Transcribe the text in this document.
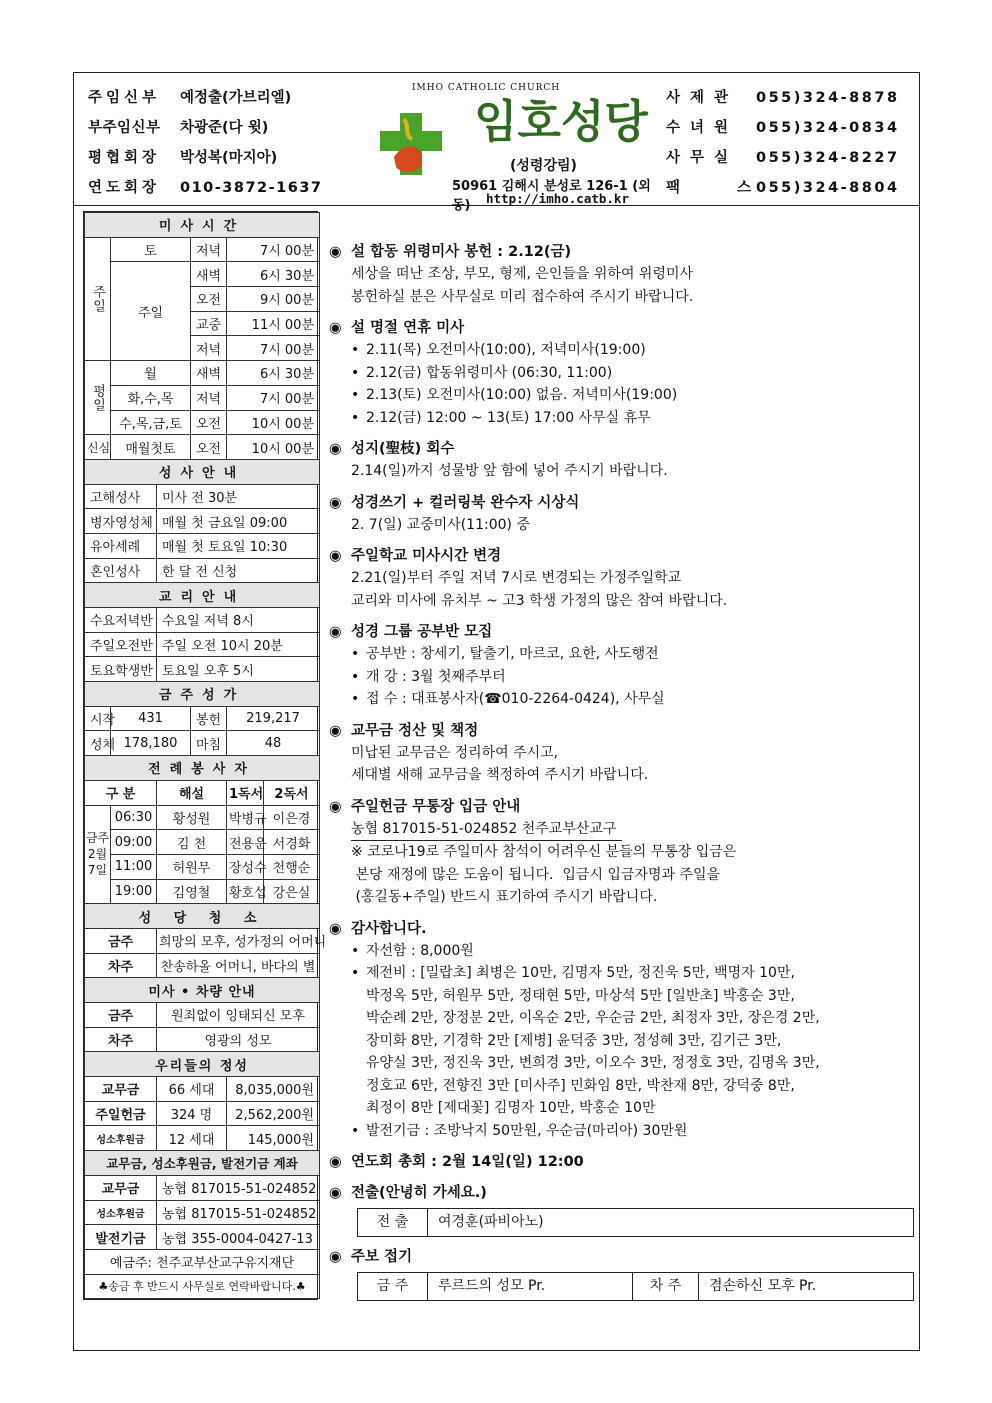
주임신부 예정출(가브리엘)
부주임신부 차광준(다 윗)
평협회장 박성복(마지아)
연도회장 010-3872-1637
IMHO CATHOLIC CHURCH
임호성당
(성령강림)
50961 김해시 분성로 126-1 (외동)	http://imho.catb.kr
사제관 055)324-8878
수녀원 055)324-0834
사무실 055)324-8227
팩 스055)324-8804
미사시간					
주일	토		저녁	7시 00분	
	주일		새벽	6시 30분	
			오전	9시 00분	
			교중	11시 00분	
			저녁	7시 00분	
평일	월		새벽	6시 30분	
	화,수,목		저녁	7시 00분	
	수,목,금,토		오전	10시 00분	
신심	매월첫토		오전	10시 00분	
성사안내					
고해성사		미사 전 30분			
병자영성체		매월 첫 금요일 09:00			
유아세례		매월 첫 토요일 10:30			
혼인성사		한 달 전 신청			
교리안내					
수요저녁반		수요일 저녁 8시			
주일오전반		주일 오전 10시 20분			
토요학생반		토요일 오후 5시			
금주성가					
시작	431		봉헌	219,217	
성체	178,180		마침	48	
전례봉사자					
구 분		해설		1독서	2독서
금주 2월 7일	06:30	황성원		박병규	이은경
	09:00	김 천		전용운	서경화
	11:00	허원무		장성수	천행순
	19:00	김영철		황호섭	강은실
성 당 청 소					
금주		희망의 모후, 성가정의 어머니			
차주		찬송하올 어머니, 바다의 별			
미사 • 차량 안내					
금주		원죄없이 잉태되신 모후			
차주		영광의 성모			
우리들의 정성					
교무금		66 세대		8,035,000원	
주일헌금		324 명		2,562,200원	
성소후원금		12 세대		145,000원	
교무금, 성소후원금, 발전기금 계좌					
교무금		농협 817015-51-024852			
성소후원금		농협 817015-51-024852			
발전기금		농협 355-0004-0427-13			
예금주: 천주교부산교구유지재단					
♣송금 후 반드시 사무실로 연락바랍니다.♣					
◉ 설 합동 위령미사 봉헌 : 2.12(금)

세상을 떠난 조상, 부모, 형제, 은인들을 위하여 위령미사

봉헌하실 분은 사무실로 미리 접수하여 주시기 바랍니다.

◉ 설 명절 연휴 미사
• 2.11(목) 오전미사(10:00), 저녁미사(19:00)
• 2.12(금) 합동위령미사 (06:30, 11:00)
• 2.13(토) 오전미사(10:00) 없음. 저녁미사(19:00)
• 2.12(금) 12:00 ~ 13(토) 17:00 사무실 휴무
◉ 성지(聖枝) 회수

2.14(일)까지 성물방 앞 함에 넣어 주시기 바랍니다.

◉ 성경쓰기 + 컬러링북 완수자 시상식

2. 7(일) 교중미사(11:00) 중

◉ 주일학교 미사시간 변경

2.21(일)부터 주일 저녁 7시로 변경되는 가정주일학교

교리와 미사에 유치부 ~ 고3 학생 가정의 많은 참여 바랍니다.

◉ 성경 그룹 공부반 모집
• 공부반 : 창세기, 탈출기, 마르코, 요한, 사도행전
• 개 강 : 3월 첫째주부터
• 접 수 : 대표봉사자(☎010-2264-0424), 사무실
◉ 교무금 정산 및 책정

미납된 교무금은 정리하여 주시고,

세대별 새해 교무금을 책정하여 주시기 바랍니다.

◉ 주일헌금 무통장 입금 안내

농협 817015-51-024852 천주교부산교구

※ 코로나19로 주일미사 참석이 어려우신 분들의 무통장 입금은

본당 재정에 많은 도움이 됩니다.  입금시 입금자명과 주일을

(홍길동+주일) 반드시 표기하여 주시기 바랍니다.

◉ 감사합니다.
• 자선함 : 8,000원
• 제전비 : [밀랍초] 최병은 10만, 김명자 5만, 정진욱 5만, 백명자 10만,
박정옥 5만, 허원무 5만, 정태현 5만, 마상석 5만 [일반초] 박홍순 3만,
박순례 2만, 장정분 2만, 이옥순 2만, 우순금 2만, 최정자 3만, 장은경 2만,
장미화 8만, 기경학 2만 [제병] 윤덕중 3만, 정성혜 3만, 김기근 3만,
유양실 3만, 정진욱 3만, 변희경 3만, 이오수 3만, 정정호 3만, 김명옥 3만,
정호교 6만, 전향진 3만 [미사주] 민화임 8만, 박찬재 8만, 강덕중 8만,
최정이 8만 [제대꽃] 김명자 10만, 박홍순 10만
• 발전기금 : 조방낙지 50만원, 우순금(마리아) 30만원
◉ 연도회 총회 : 2월 14일(일) 12:00
◉ 전출(안녕히 가세요.)
전 출	여경훈(파비아노)
◉ 주보 접기
금 주	루르드의 성모 Pr.	차 주	겸손하신 모후 Pr.
